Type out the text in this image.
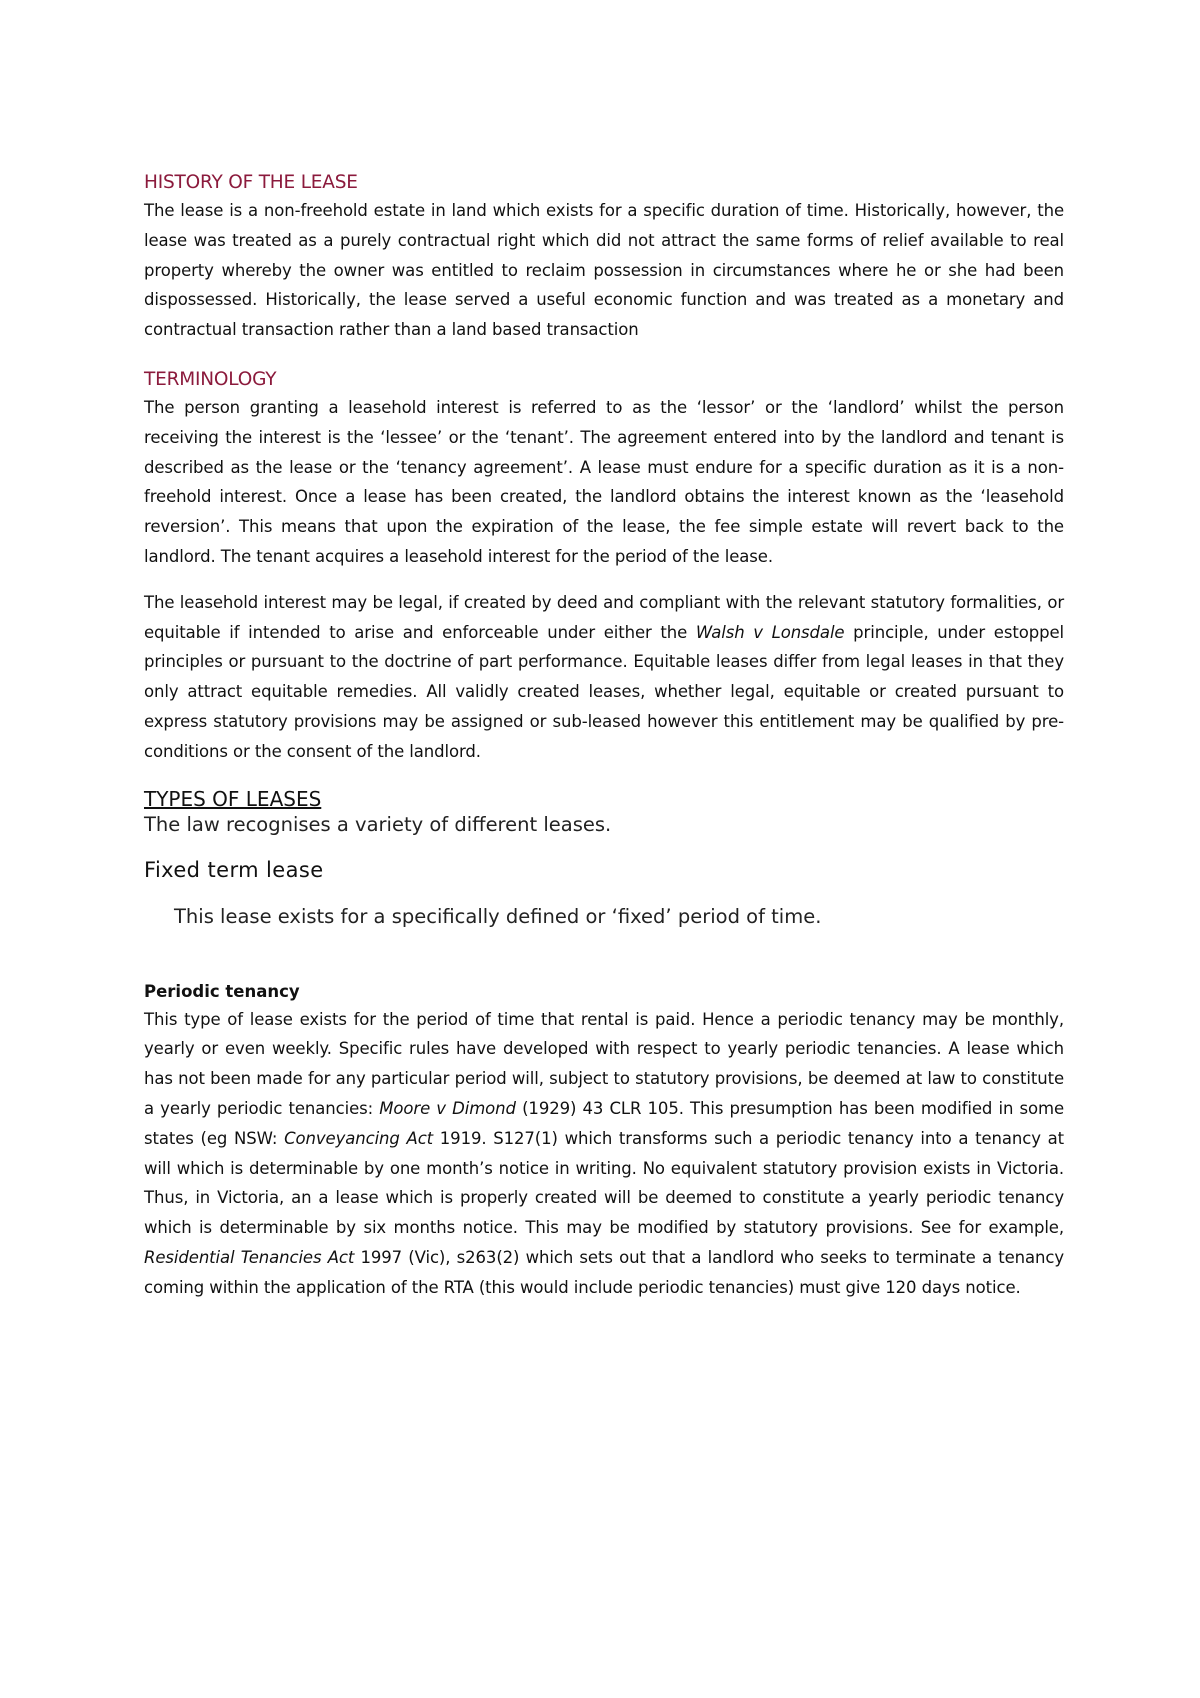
HISTORY OF THE LEASE

The lease is a non-freehold estate in land which exists for a specific duration of time. Historically, however, the lease was treated as a purely contractual right which did not attract the same forms of relief available to real property whereby the owner was entitled to reclaim possession in circumstances where he or she had been dispossessed. Historically, the lease served a useful economic function and was treated as a monetary and contractual transaction rather than a land based transaction

TERMINOLOGY

The person granting a leasehold interest is referred to as the ‘lessor’ or the ‘landlord’ whilst the person receiving the interest is the ‘lessee’ or the ‘tenant’. The agreement entered into by the landlord and tenant is described as the lease or the ‘tenancy agreement’. A lease must endure for a specific duration as it is a non-freehold interest. Once a lease has been created, the landlord obtains the interest known as the ‘leasehold reversion’. This means that upon the expiration of the lease, the fee simple estate will revert back to the landlord. The tenant acquires a leasehold interest for the period of the lease.

The leasehold interest may be legal, if created by deed and compliant with the relevant statutory formalities, or equitable if intended to arise and enforceable under either the Walsh v Lonsdale principle, under estoppel principles or pursuant to the doctrine of part performance. Equitable leases differ from legal leases in that they only attract equitable remedies. All validly created leases, whether legal, equitable or created pursuant to express statutory provisions may be assigned or sub-leased however this entitlement may be qualified by pre-conditions or the consent of the landlord.

TYPES OF LEASES

The law recognises a variety of different leases.

Fixed term lease

This lease exists for a specifically defined or ‘fixed’ period of time.

Periodic tenancy

This type of lease exists for the period of time that rental is paid. Hence a periodic tenancy may be monthly, yearly or even weekly. Specific rules have developed with respect to yearly periodic tenancies. A lease which has not been made for any particular period will, subject to statutory provisions, be deemed at law to constitute a yearly periodic tenancies: Moore v Dimond (1929) 43 CLR 105. This presumption has been modified in some states (eg NSW: Conveyancing Act 1919. S127(1) which transforms such a periodic tenancy into a tenancy at will which is determinable by one month’s notice in writing. No equivalent statutory provision exists in Victoria. Thus, in Victoria, an a lease which is properly created will be deemed to constitute a yearly periodic tenancy which is determinable by six months notice. This may be modified by statutory provisions. See for example, Residential Tenancies Act 1997 (Vic), s263(2) which sets out that a landlord who seeks to terminate a tenancy coming within the application of the RTA (this would include periodic tenancies) must give 120 days notice.
